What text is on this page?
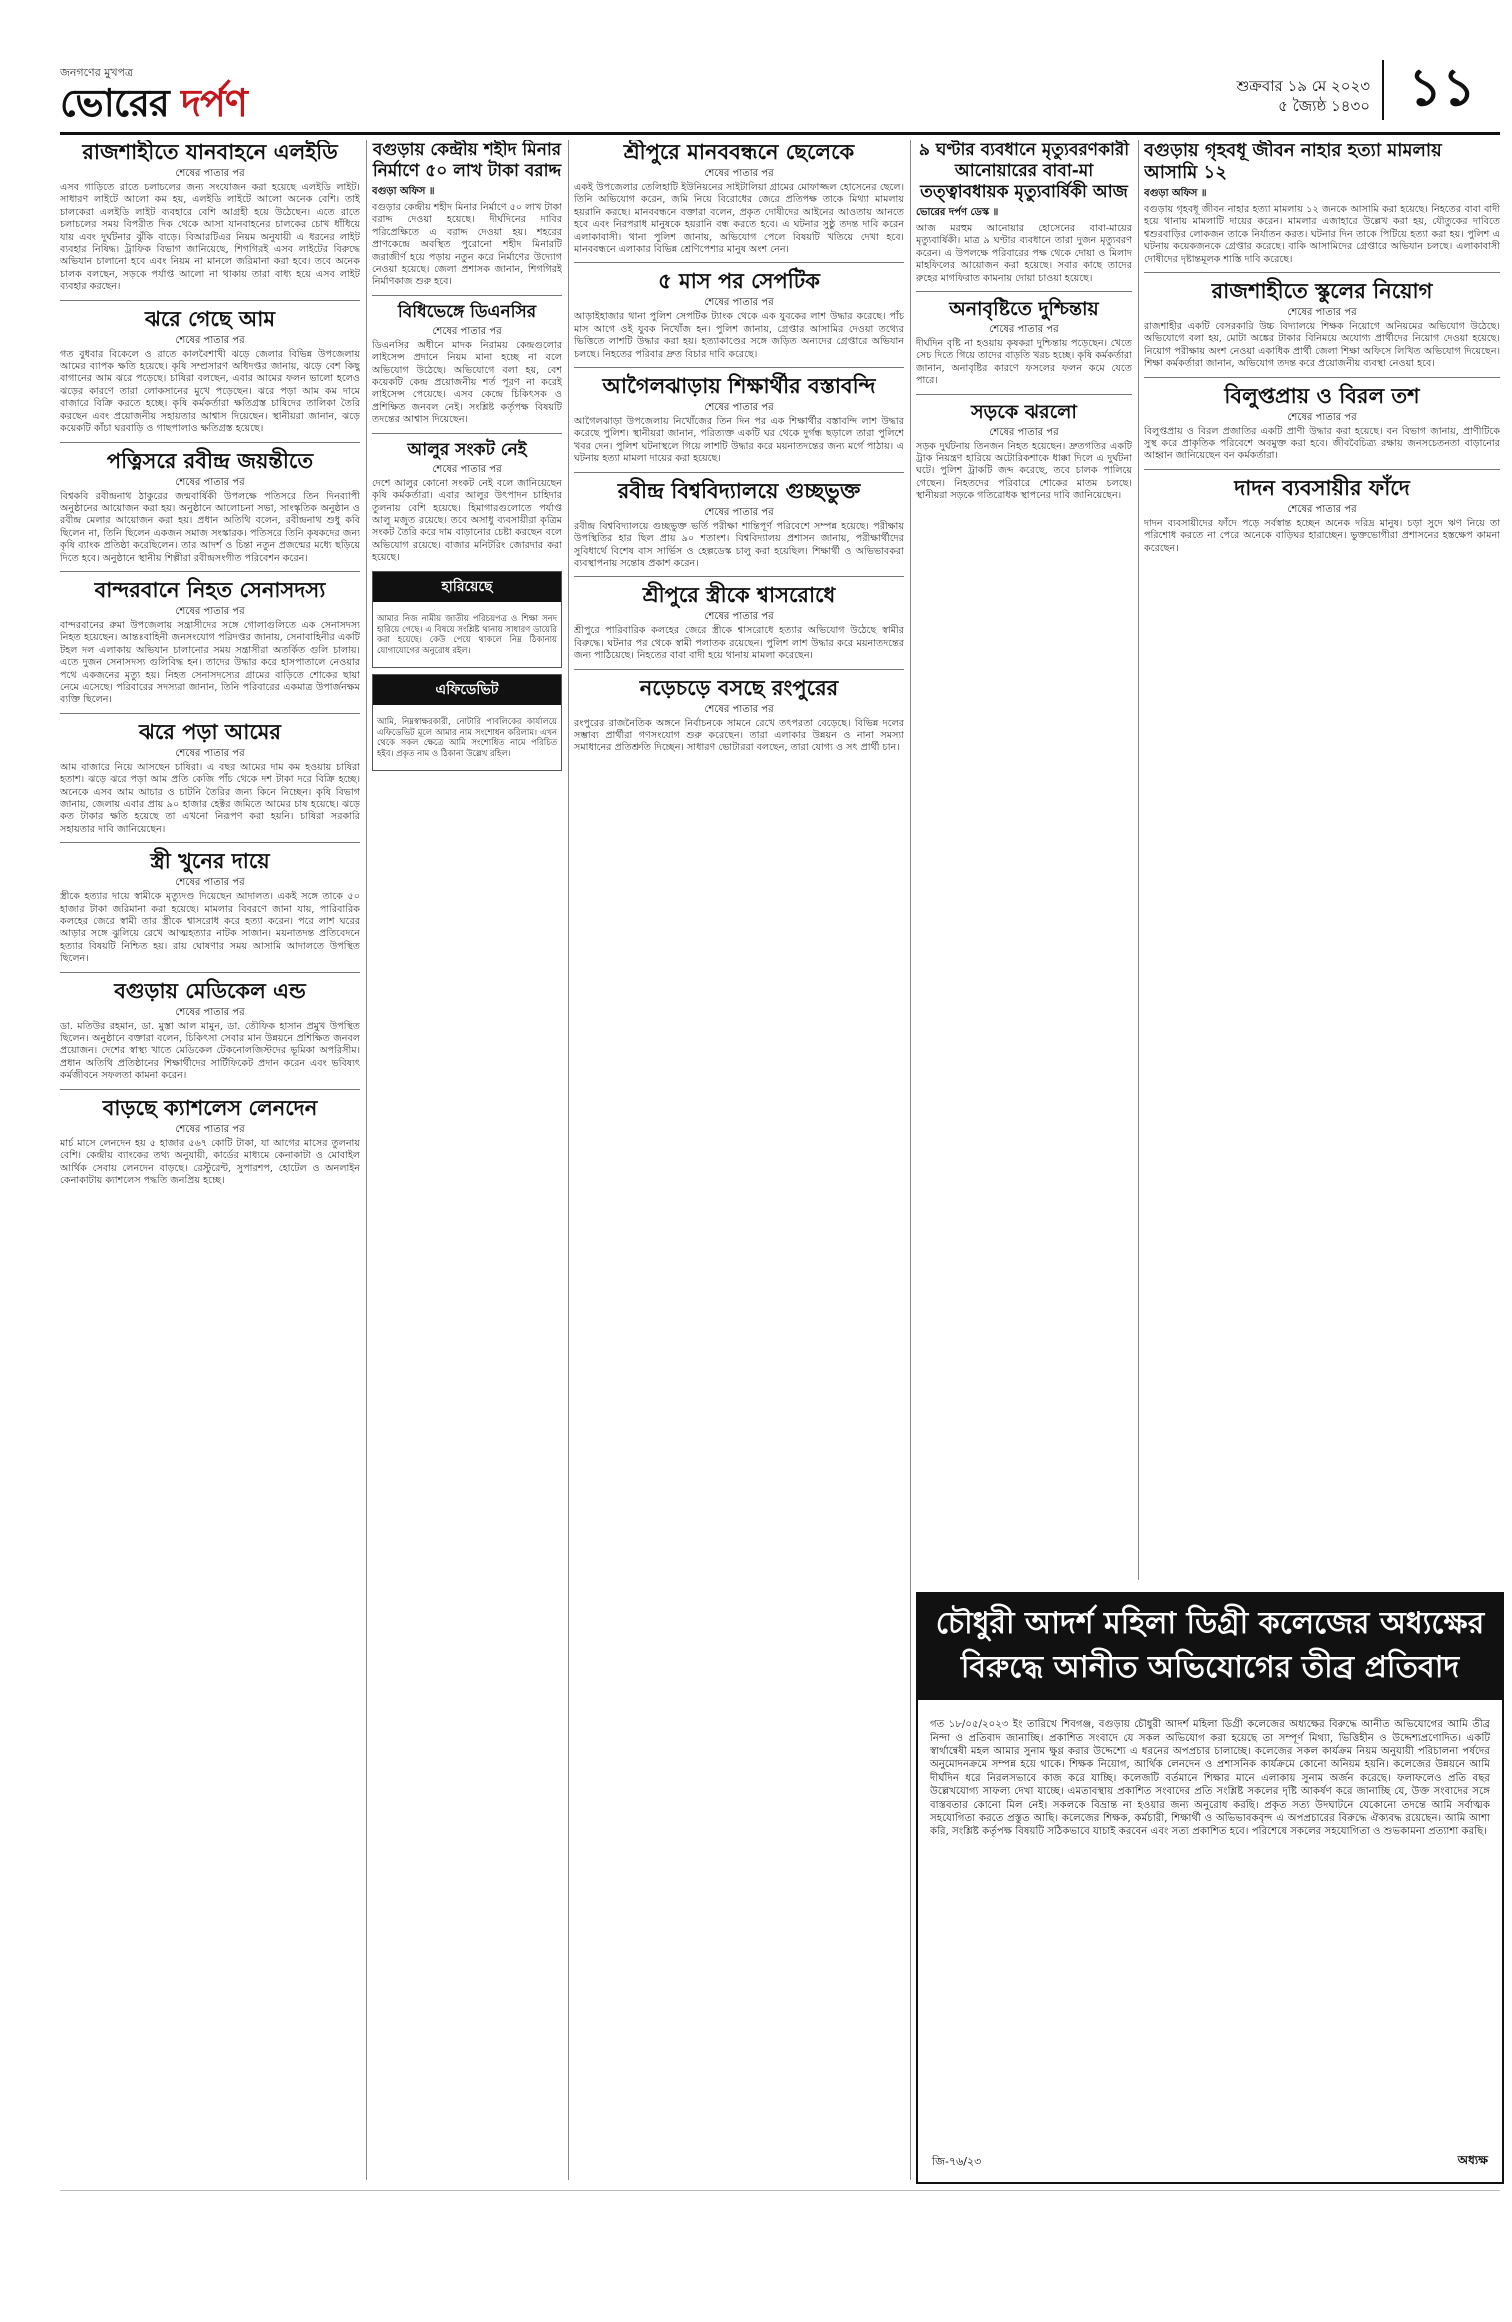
জনগণের মুখপত্র
ভোরের দর্পণ	শুক্রবার ১৯ মে ২০২৩
৫ জ্যৈষ্ঠ ১৪৩০ ১১
রাজশাহীতে যানবাহনে এলইডি
শেষের পাতার পর

এসব গাড়িতে রাতে চলাচলের জন্য সংযোজন করা হয়েছে এলইডি লাইট। সাধারণ লাইটে আলো কম হয়, এলইডি লাইটে আলো অনেক বেশি। তাই চালকেরা এলইডি লাইট ব্যবহারে বেশি আগ্রহী হয়ে উঠেছেন। এতে রাতে চলাচলের সময় বিপরীত দিক থেকে আসা যানবাহনের চালকের চোখ ধাঁধিয়ে যায় এবং দুর্ঘটনার ঝুঁকি বাড়ে। বিআরটিএর নিয়ম অনুযায়ী এ ধরনের লাইট ব্যবহার নিষিদ্ধ। ট্রাফিক বিভাগ জানিয়েছে, শিগগিরই এসব লাইটের বিরুদ্ধে অভিযান চালানো হবে এবং নিয়ম না মানলে জরিমানা করা হবে। তবে অনেক চালক বলছেন, সড়কে পর্যাপ্ত আলো না থাকায় তারা বাধ্য হয়ে এসব লাইট ব্যবহার করছেন।

ঝরে গেছে আম
শেষের পাতার পর

গত বুধবার বিকেলে ও রাতে কালবৈশাখী ঝড়ে জেলার বিভিন্ন উপজেলায় আমের ব্যাপক ক্ষতি হয়েছে। কৃষি সম্প্রসারণ অধিদপ্তর জানায়, ঝড়ে বেশ কিছু বাগানের আম ঝরে পড়েছে। চাষিরা বলছেন, এবার আমের ফলন ভালো হলেও ঝড়ের কারণে তারা লোকসানের মুখে পড়েছেন। ঝরে পড়া আম কম দামে বাজারে বিক্রি করতে হচ্ছে। কৃষি কর্মকর্তারা ক্ষতিগ্রস্ত চাষিদের তালিকা তৈরি করছেন এবং প্রয়োজনীয় সহায়তার আশ্বাস দিয়েছেন। স্থানীয়রা জানান, ঝড়ে কয়েকটি কাঁচা ঘরবাড়ি ও গাছপালাও ক্ষতিগ্রস্ত হয়েছে।

পত্নিসরে রবীন্দ্র জয়ন্তীতে
শেষের পাতার পর

বিশ্বকবি রবীন্দ্রনাথ ঠাকুরের জন্মবার্ষিকী উপলক্ষে পতিসরে তিন দিনব্যাপী অনুষ্ঠানের আয়োজন করা হয়। অনুষ্ঠানে আলোচনা সভা, সাংস্কৃতিক অনুষ্ঠান ও রবীন্দ্র মেলার আয়োজন করা হয়। প্রধান অতিথি বলেন, রবীন্দ্রনাথ শুধু কবি ছিলেন না, তিনি ছিলেন একজন সমাজ সংস্কারক। পতিসরে তিনি কৃষকদের জন্য কৃষি ব্যাংক প্রতিষ্ঠা করেছিলেন। তার আদর্শ ও চিন্তা নতুন প্রজন্মের মধ্যে ছড়িয়ে দিতে হবে। অনুষ্ঠানে স্থানীয় শিল্পীরা রবীন্দ্রসংগীত পরিবেশন করেন।

বান্দরবানে নিহত সেনাসদস্য
শেষের পাতার পর

বান্দরবানের রুমা উপজেলায় সন্ত্রাসীদের সঙ্গে গোলাগুলিতে এক সেনাসদস্য নিহত হয়েছেন। আন্তঃবাহিনী জনসংযোগ পরিদপ্তর জানায়, সেনাবাহিনীর একটি টহল দল এলাকায় অভিযান চালানোর সময় সন্ত্রাসীরা অতর্কিত গুলি চালায়। এতে দুজন সেনাসদস্য গুলিবিদ্ধ হন। তাদের উদ্ধার করে হাসপাতালে নেওয়ার পথে একজনের মৃত্যু হয়। নিহত সেনাসদস্যের গ্রামের বাড়িতে শোকের ছায়া নেমে এসেছে। পরিবারের সদস্যরা জানান, তিনি পরিবারের একমাত্র উপার্জনক্ষম ব্যক্তি ছিলেন।

ঝরে পড়া আমের
শেষের পাতার পর

আম বাজারে নিয়ে আসছেন চাষিরা। এ বছর আমের দাম কম হওয়ায় চাষিরা হতাশ। ঝড়ে ঝরে পড়া আম প্রতি কেজি পাঁচ থেকে দশ টাকা দরে বিক্রি হচ্ছে। অনেকে এসব আম আচার ও চাটনি তৈরির জন্য কিনে নিচ্ছেন। কৃষি বিভাগ জানায়, জেলায় এবার প্রায় ৯০ হাজার হেক্টর জমিতে আমের চাষ হয়েছে। ঝড়ে কত টাকার ক্ষতি হয়েছে তা এখনো নিরূপণ করা হয়নি। চাষিরা সরকারি সহায়তার দাবি জানিয়েছেন।

স্ত্রী খুনের দায়ে
শেষের পাতার পর

স্ত্রীকে হত্যার দায়ে স্বামীকে মৃত্যুদণ্ড দিয়েছেন আদালত। একই সঙ্গে তাকে ৫০ হাজার টাকা জরিমানা করা হয়েছে। মামলার বিবরণে জানা যায়, পারিবারিক কলহের জেরে স্বামী তার স্ত্রীকে শ্বাসরোধ করে হত্যা করেন। পরে লাশ ঘরের আড়ার সঙ্গে ঝুলিয়ে রেখে আত্মহত্যার নাটক সাজান। ময়নাতদন্ত প্রতিবেদনে হত্যার বিষয়টি নিশ্চিত হয়। রায় ঘোষণার সময় আসামি আদালতে উপস্থিত ছিলেন।

বগুড়ায় মেডিকেল এন্ড
শেষের পাতার পর

ডা. মতিউর রহমান, ডা. মুস্তা আল মামুন, ডা. তৌফিক হাসান প্রমুখ উপস্থিত ছিলেন। অনুষ্ঠানে বক্তারা বলেন, চিকিৎসা সেবার মান উন্নয়নে প্রশিক্ষিত জনবল প্রয়োজন। দেশের স্বাস্থ্য খাতে মেডিকেল টেকনোলজিস্টদের ভূমিকা অপরিসীম। প্রধান অতিথি প্রতিষ্ঠানের শিক্ষার্থীদের সার্টিফিকেট প্রদান করেন এবং ভবিষ্যৎ কর্মজীবনে সফলতা কামনা করেন।

বাড়ছে ক্যাশলেস লেনদেন
শেষের পাতার পর

মার্চ মাসে লেনদেন হয় ৫ হাজার ৫৬৭ কোটি টাকা, যা আগের মাসের তুলনায় বেশি। কেন্দ্রীয় ব্যাংকের তথ্য অনুযায়ী, কার্ডের মাধ্যমে কেনাকাটা ও মোবাইল আর্থিক সেবায় লেনদেন বাড়ছে। রেস্টুরেন্ট, সুপারশপ, হোটেল ও অনলাইন কেনাকাটায় ক্যাশলেস পদ্ধতি জনপ্রিয় হচ্ছে।

বগুড়ায় কেন্দ্রীয় শহীদ মিনার নির্মাণে ৫০ লাখ টাকা বরাদ্দ
বগুড়া অফিস ॥

বগুড়ার কেন্দ্রীয় শহীদ মিনার নির্মাণে ৫০ লাখ টাকা বরাদ্দ দেওয়া হয়েছে। দীর্ঘদিনের দাবির পরিপ্রেক্ষিতে এ বরাদ্দ দেওয়া হয়। শহরের প্রাণকেন্দ্রে অবস্থিত পুরোনো শহীদ মিনারটি জরাজীর্ণ হয়ে পড়ায় নতুন করে নির্মাণের উদ্যোগ নেওয়া হয়েছে। জেলা প্রশাসক জানান, শিগগিরই নির্মাণকাজ শুরু হবে।

বিধিভেঙ্গে ডিএনসির
শেষের পাতার পর

ডিএনসির অধীনে মাদক নিরাময় কেন্দ্রগুলোর লাইসেন্স প্রদানে নিয়ম মানা হচ্ছে না বলে অভিযোগ উঠেছে। অভিযোগে বলা হয়, বেশ কয়েকটি কেন্দ্র প্রয়োজনীয় শর্ত পূরণ না করেই লাইসেন্স পেয়েছে। এসব কেন্দ্রে চিকিৎসক ও প্রশিক্ষিত জনবল নেই। সংশ্লিষ্ট কর্তৃপক্ষ বিষয়টি তদন্তের আশ্বাস দিয়েছেন।

আলুর সংকট নেই
শেষের পাতার পর

দেশে আলুর কোনো সংকট নেই বলে জানিয়েছেন কৃষি কর্মকর্তারা। এবার আলুর উৎপাদন চাহিদার তুলনায় বেশি হয়েছে। হিমাগারগুলোতে পর্যাপ্ত আলু মজুত রয়েছে। তবে অসাধু ব্যবসায়ীরা কৃত্রিম সংকট তৈরি করে দাম বাড়ানোর চেষ্টা করছেন বলে অভিযোগ রয়েছে। বাজার মনিটরিং জোরদার করা হয়েছে।

হারিয়েছে

আমার নিজ নামীয় জাতীয় পরিচয়পত্র ও শিক্ষা সনদ হারিয়ে গেছে। এ বিষয়ে সংশ্লিষ্ট থানায় সাধারণ ডায়েরি করা হয়েছে। কেউ পেয়ে থাকলে নিম্ন ঠিকানায় যোগাযোগের অনুরোধ রইল।

এফিডেভিট

আমি, নিম্নস্বাক্ষরকারী, নোটারি পাবলিকের কার্যালয়ে এফিডেভিট মূলে আমার নাম সংশোধন করিলাম। এখন থেকে সকল ক্ষেত্রে আমি সংশোধিত নামে পরিচিত হইব। প্রকৃত নাম ও ঠিকানা উল্লেখ রহিল।

শ্রীপুরে মানববন্ধনে ছেলেকে
শেষের পাতার পর

একই উপজেলার তেলিহাটি ইউনিয়নের সাইটালিয়া গ্রামের মোফাজ্জল হোসেনের ছেলে। তিনি অভিযোগ করেন, জমি নিয়ে বিরোধের জেরে প্রতিপক্ষ তাকে মিথ্যা মামলায় হয়রানি করছে। মানববন্ধনে বক্তারা বলেন, প্রকৃত দোষীদের আইনের আওতায় আনতে হবে এবং নিরপরাধ মানুষকে হয়রানি বন্ধ করতে হবে। এ ঘটনার সুষ্ঠু তদন্ত দাবি করেন এলাকাবাসী। থানা পুলিশ জানায়, অভিযোগ পেলে বিষয়টি খতিয়ে দেখা হবে। মানববন্ধনে এলাকার বিভিন্ন শ্রেণিপেশার মানুষ অংশ নেন।

৫ মাস পর সেপটিক
শেষের পাতার পর

আড়াইহাজার থানা পুলিশ সেপটিক ট্যাংক থেকে এক যুবকের লাশ উদ্ধার করেছে। পাঁচ মাস আগে ওই যুবক নিখোঁজ হন। পুলিশ জানায়, গ্রেপ্তার আসামির দেওয়া তথ্যের ভিত্তিতে লাশটি উদ্ধার করা হয়। হত্যাকাণ্ডের সঙ্গে জড়িত অন্যদের গ্রেপ্তারে অভিযান চলছে। নিহতের পরিবার দ্রুত বিচার দাবি করেছে।

আগৈলঝাড়ায় শিক্ষার্থীর বস্তাবন্দি
শেষের পাতার পর

আগৈলঝাড়া উপজেলায় নিখোঁজের তিন দিন পর এক শিক্ষার্থীর বস্তাবন্দি লাশ উদ্ধার করেছে পুলিশ। স্থানীয়রা জানান, পরিত্যক্ত একটি ঘর থেকে দুর্গন্ধ ছড়ালে তারা পুলিশে খবর দেন। পুলিশ ঘটনাস্থলে গিয়ে লাশটি উদ্ধার করে ময়নাতদন্তের জন্য মর্গে পাঠায়। এ ঘটনায় হত্যা মামলা দায়ের করা হয়েছে।

রবীন্দ্র বিশ্ববিদ্যালয়ে গুচ্ছভুক্ত
শেষের পাতার পর

রবীন্দ্র বিশ্ববিদ্যালয়ে গুচ্ছভুক্ত ভর্তি পরীক্ষা শান্তিপূর্ণ পরিবেশে সম্পন্ন হয়েছে। পরীক্ষায় উপস্থিতির হার ছিল প্রায় ৯০ শতাংশ। বিশ্ববিদ্যালয় প্রশাসন জানায়, পরীক্ষার্থীদের সুবিধার্থে বিশেষ বাস সার্ভিস ও হেল্পডেস্ক চালু করা হয়েছিল। শিক্ষার্থী ও অভিভাবকরা ব্যবস্থাপনায় সন্তোষ প্রকাশ করেন।

শ্রীপুরে স্ত্রীকে শ্বাসরোধে
শেষের পাতার পর

শ্রীপুরে পারিবারিক কলহের জেরে স্ত্রীকে শ্বাসরোধে হত্যার অভিযোগ উঠেছে স্বামীর বিরুদ্ধে। ঘটনার পর থেকে স্বামী পলাতক রয়েছেন। পুলিশ লাশ উদ্ধার করে ময়নাতদন্তের জন্য পাঠিয়েছে। নিহতের বাবা বাদী হয়ে থানায় মামলা করেছেন।

নড়েচড়ে বসছে রংপুরের
শেষের পাতার পর

রংপুরের রাজনৈতিক অঙ্গনে নির্বাচনকে সামনে রেখে তৎপরতা বেড়েছে। বিভিন্ন দলের সম্ভাব্য প্রার্থীরা গণসংযোগ শুরু করেছেন। তারা এলাকার উন্নয়ন ও নানা সমস্যা সমাধানের প্রতিশ্রুতি দিচ্ছেন। সাধারণ ভোটাররা বলছেন, তারা যোগ্য ও সৎ প্রার্থী চান।

৯ ঘণ্টার ব্যবধানে মৃত্যুবরণকারী আনোয়ারের বাবা-মা তত্ত্বাবধায়ক মৃত্যুবার্ষিকী আজ
ভোরের দর্পণ ডেস্ক ॥

আজ মরহুম আনোয়ার হোসেনের বাবা-মায়ের মৃত্যুবার্ষিকী। মাত্র ৯ ঘণ্টার ব্যবধানে তারা দুজন মৃত্যুবরণ করেন। এ উপলক্ষে পরিবারের পক্ষ থেকে দোয়া ও মিলাদ মাহফিলের আয়োজন করা হয়েছে। সবার কাছে তাদের রুহের মাগফিরাত কামনায় দোয়া চাওয়া হয়েছে।

অনাবৃষ্টিতে দুশ্চিন্তায়
শেষের পাতার পর

দীর্ঘদিন বৃষ্টি না হওয়ায় কৃষকরা দুশ্চিন্তায় পড়েছেন। খেতে সেচ দিতে গিয়ে তাদের বাড়তি খরচ হচ্ছে। কৃষি কর্মকর্তারা জানান, অনাবৃষ্টির কারণে ফসলের ফলন কমে যেতে পারে।

সড়কে ঝরলো
শেষের পাতার পর

সড়ক দুর্ঘটনায় তিনজন নিহত হয়েছেন। দ্রুতগতির একটি ট্রাক নিয়ন্ত্রণ হারিয়ে অটোরিকশাকে ধাক্কা দিলে এ দুর্ঘটনা ঘটে। পুলিশ ট্রাকটি জব্দ করেছে, তবে চালক পালিয়ে গেছেন। নিহতদের পরিবারে শোকের মাতম চলছে। স্থানীয়রা সড়কে গতিরোধক স্থাপনের দাবি জানিয়েছেন।

বগুড়ায় গৃহবধূ জীবন নাহার হত্যা মামলায় আসামি ১২
বগুড়া অফিস ॥

বগুড়ায় গৃহবধূ জীবন নাহার হত্যা মামলায় ১২ জনকে আসামি করা হয়েছে। নিহতের বাবা বাদী হয়ে থানায় মামলাটি দায়ের করেন। মামলার এজাহারে উল্লেখ করা হয়, যৌতুকের দাবিতে শ্বশুরবাড়ির লোকজন তাকে নির্যাতন করত। ঘটনার দিন তাকে পিটিয়ে হত্যা করা হয়। পুলিশ এ ঘটনায় কয়েকজনকে গ্রেপ্তার করেছে। বাকি আসামিদের গ্রেপ্তারে অভিযান চলছে। এলাকাবাসী দোষীদের দৃষ্টান্তমূলক শাস্তি দাবি করেছে।

রাজশাহীতে স্কুলের নিয়োগ
শেষের পাতার পর

রাজশাহীর একটি বেসরকারি উচ্চ বিদ্যালয়ে শিক্ষক নিয়োগে অনিয়মের অভিযোগ উঠেছে। অভিযোগে বলা হয়, মোটা অঙ্কের টাকার বিনিময়ে অযোগ্য প্রার্থীদের নিয়োগ দেওয়া হয়েছে। নিয়োগ পরীক্ষায় অংশ নেওয়া একাধিক প্রার্থী জেলা শিক্ষা অফিসে লিখিত অভিযোগ দিয়েছেন। শিক্ষা কর্মকর্তারা জানান, অভিযোগ তদন্ত করে প্রয়োজনীয় ব্যবস্থা নেওয়া হবে।

বিলুপ্তপ্রায় ও বিরল তশ
শেষের পাতার পর

বিলুপ্তপ্রায় ও বিরল প্রজাতির একটি প্রাণী উদ্ধার করা হয়েছে। বন বিভাগ জানায়, প্রাণীটিকে সুস্থ করে প্রাকৃতিক পরিবেশে অবমুক্ত করা হবে। জীববৈচিত্র্য রক্ষায় জনসচেতনতা বাড়ানোর আহ্বান জানিয়েছেন বন কর্মকর্তারা।

দাদন ব্যবসায়ীর ফাঁদে
শেষের পাতার পর

দাদন ব্যবসায়ীদের ফাঁদে পড়ে সর্বস্বান্ত হচ্ছেন অনেক দরিদ্র মানুষ। চড়া সুদে ঋণ নিয়ে তা পরিশোধ করতে না পেরে অনেকে বাড়িঘর হারাচ্ছেন। ভুক্তভোগীরা প্রশাসনের হস্তক্ষেপ কামনা করেছেন।

চৌধুরী আদর্শ মহিলা ডিগ্রী কলেজের অধ্যক্ষের বিরুদ্ধে আনীত অভিযোগের তীব্র প্রতিবাদ

গত ১৮/০৫/২০২৩ ইং তারিখে শিবগঞ্জ, বগুড়ায় চৌধুরী আদর্শ মহিলা ডিগ্রী কলেজের অধ্যক্ষের বিরুদ্ধে আনীত অভিযোগের আমি তীব্র নিন্দা ও প্রতিবাদ জানাচ্ছি। প্রকাশিত সংবাদে যে সকল অভিযোগ করা হয়েছে তা সম্পূর্ণ মিথ্যা, ভিত্তিহীন ও উদ্দেশ্যপ্রণোদিত। একটি স্বার্থান্বেষী মহল আমার সুনাম ক্ষুণ্ণ করার উদ্দেশ্যে এ ধরনের অপপ্রচার চালাচ্ছে। কলেজের সকল কার্যক্রম নিয়ম অনুযায়ী পরিচালনা পর্ষদের অনুমোদনক্রমে সম্পন্ন হয়ে থাকে। শিক্ষক নিয়োগ, আর্থিক লেনদেন ও প্রশাসনিক কার্যক্রমে কোনো অনিয়ম হয়নি। কলেজের উন্নয়নে আমি দীর্ঘদিন ধরে নিরলসভাবে কাজ করে যাচ্ছি। কলেজটি বর্তমানে শিক্ষার মানে এলাকায় সুনাম অর্জন করেছে। ফলাফলেও প্রতি বছর উল্লেখযোগ্য সাফল্য দেখা যাচ্ছে। এমতাবস্থায় প্রকাশিত সংবাদের প্রতি সংশ্লিষ্ট সকলের দৃষ্টি আকর্ষণ করে জানাচ্ছি যে, উক্ত সংবাদের সঙ্গে বাস্তবতার কোনো মিল নেই। সকলকে বিভ্রান্ত না হওয়ার জন্য অনুরোধ করছি। প্রকৃত সত্য উদঘাটনে যেকোনো তদন্তে আমি সর্বাত্মক সহযোগিতা করতে প্রস্তুত আছি। কলেজের শিক্ষক, কর্মচারী, শিক্ষার্থী ও অভিভাবকবৃন্দ এ অপপ্রচারের বিরুদ্ধে ঐক্যবদ্ধ রয়েছেন। আমি আশা করি, সংশ্লিষ্ট কর্তৃপক্ষ বিষয়টি সঠিকভাবে যাচাই করবেন এবং সত্য প্রকাশিত হবে। পরিশেষে সকলের সহযোগিতা ও শুভকামনা প্রত্যাশা করছি।

জি-৭৬/২৩	অধ্যক্ষ
